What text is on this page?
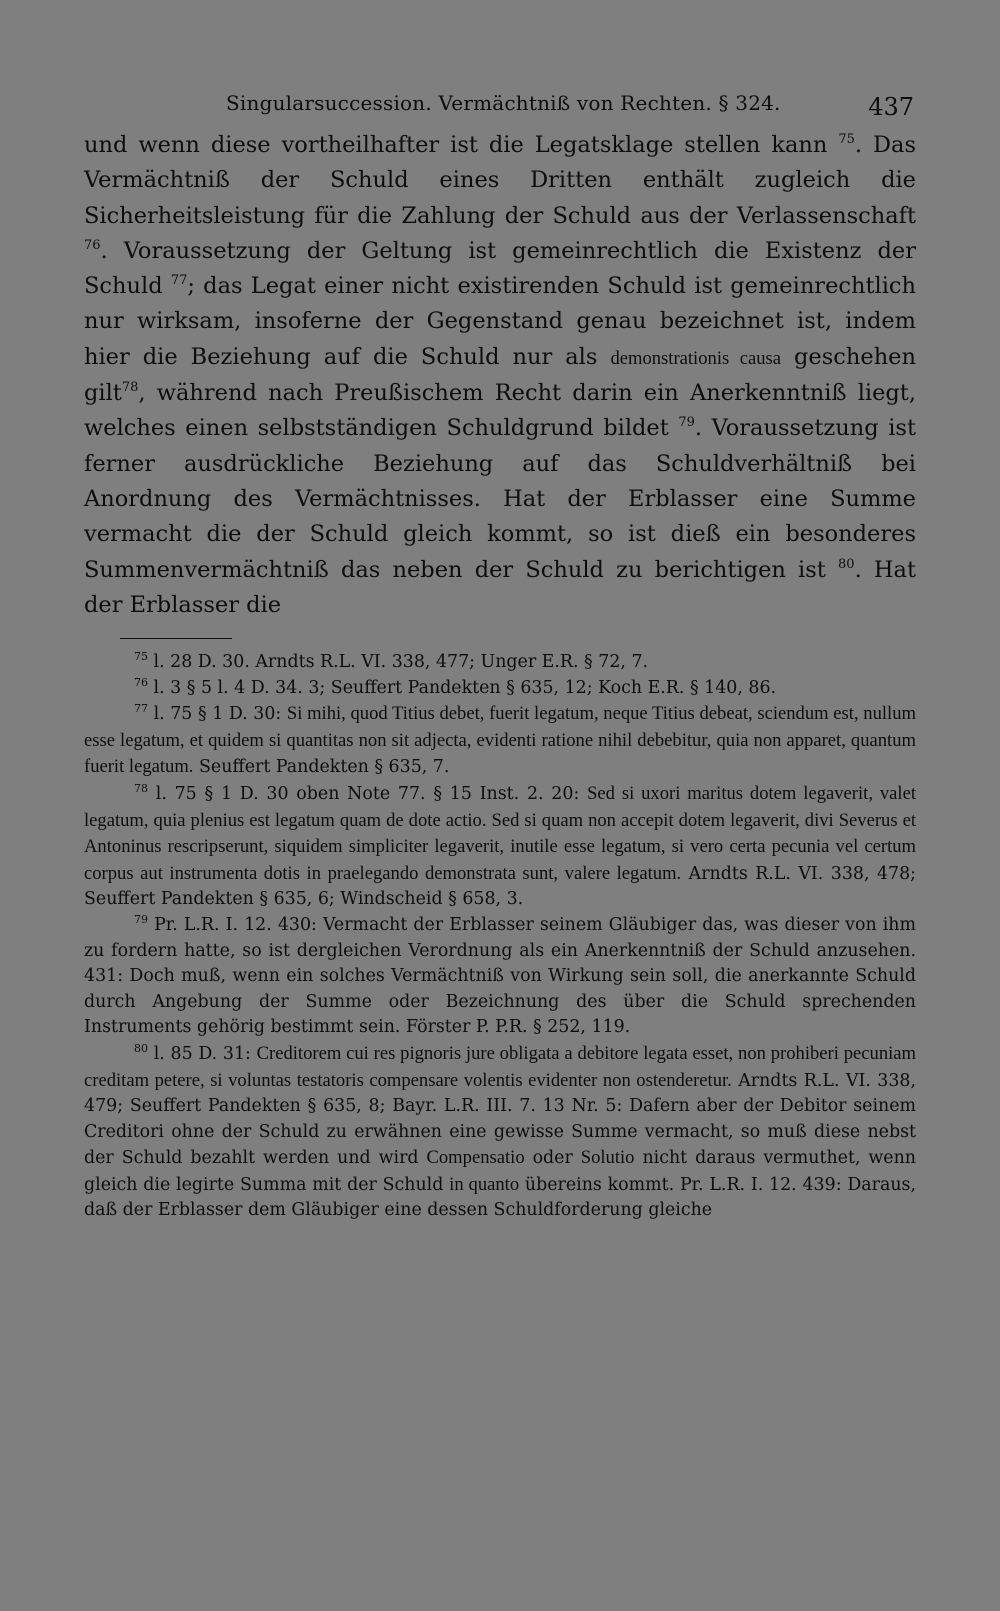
Singularsuccession. Vermächtniß von Rechten. § 324.	437

und wenn diese vortheilhafter ist die Legatsklage stellen kann $^{75}$. Das Vermächtniß der Schuld eines Dritten enthält zugleich die Sicherheitsleistung für die Zahlung der Schuld aus der Verlassenschaft $^{76}$. Voraussetzung der Geltung ist gemeinrechtlich die Existenz der Schuld $^{77}$; das Legat einer nicht existirenden Schuld ist gemeinrechtlich nur wirksam, insoferne der Gegenstand genau bezeichnet ist, indem hier die Beziehung auf die Schuld nur als demonstrationis causa geschehen gilt$^{78}$, während nach Preußischem Recht darin ein Anerkenntniß liegt, welches einen selbstständigen Schuldgrund bildet $^{79}$. Voraussetzung ist ferner ausdrückliche Beziehung auf das Schuldverhältniß bei Anordnung des Vermächtnisses. Hat der Erblasser eine Summe vermacht die der Schuld gleich kommt, so ist dieß ein besonderes Summenvermächtniß das neben der Schuld zu berichtigen ist $^{80}$. Hat der Erblasser die

$^{75}$ l. 28 D. 30. Arndts R.L. VI. 338, 477; Unger E.R. § 72, 7.

$^{76}$ l. 3 § 5 l. 4 D. 34. 3; Seuffert Pandekten § 635, 12; Koch E.R. § 140, 86.

$^{77}$ l. 75 § 1 D. 30: Si mihi, quod Titius debet, fuerit legatum, neque Titius debeat, sciendum est, nullum esse legatum, et quidem si quantitas non sit adjecta, evidenti ratione nihil debebitur, quia non apparet, quantum fuerit legatum. Seuffert Pandekten § 635, 7.

$^{78}$ l. 75 § 1 D. 30 oben Note 77. § 15 Inst. 2. 20: Sed si uxori maritus dotem legaverit, valet legatum, quia plenius est legatum quam de dote actio. Sed si quam non accepit dotem legaverit, divi Severus et Antoninus rescripserunt, siquidem simpliciter legaverit, inutile esse legatum, si vero certa pecunia vel certum corpus aut instrumenta dotis in praelegando demonstrata sunt, valere legatum. Arndts R.L. VI. 338, 478; Seuffert Pandekten § 635, 6; Windscheid § 658, 3.

$^{79}$ Pr. L.R. I. 12. 430: Vermacht der Erblasser seinem Gläubiger das, was dieser von ihm zu fordern hatte, so ist dergleichen Verordnung als ein Anerkenntniß der Schuld anzusehen. 431: Doch muß, wenn ein solches Vermächtniß von Wirkung sein soll, die anerkannte Schuld durch Angebung der Summe oder Bezeichnung des über die Schuld sprechenden Instruments gehörig bestimmt sein. Förster P. P.R. § 252, 119.

$^{80}$ l. 85 D. 31: Creditorem cui res pignoris jure obligata a debitore legata esset, non prohiberi pecuniam creditam petere, si voluntas testatoris compensare volentis evidenter non ostenderetur. Arndts R.L. VI. 338, 479; Seuffert Pandekten § 635, 8; Bayr. L.R. III. 7. 13 Nr. 5: Dafern aber der Debitor seinem Creditori ohne der Schuld zu erwähnen eine gewisse Summe vermacht, so muß diese nebst der Schuld bezahlt werden und wird Compensatio oder Solutio nicht daraus vermuthet, wenn gleich die legirte Summa mit der Schuld in quanto übereins kommt. Pr. L.R. I. 12. 439: Daraus, daß der Erblasser dem Gläubiger eine dessen Schuldforderung gleiche
